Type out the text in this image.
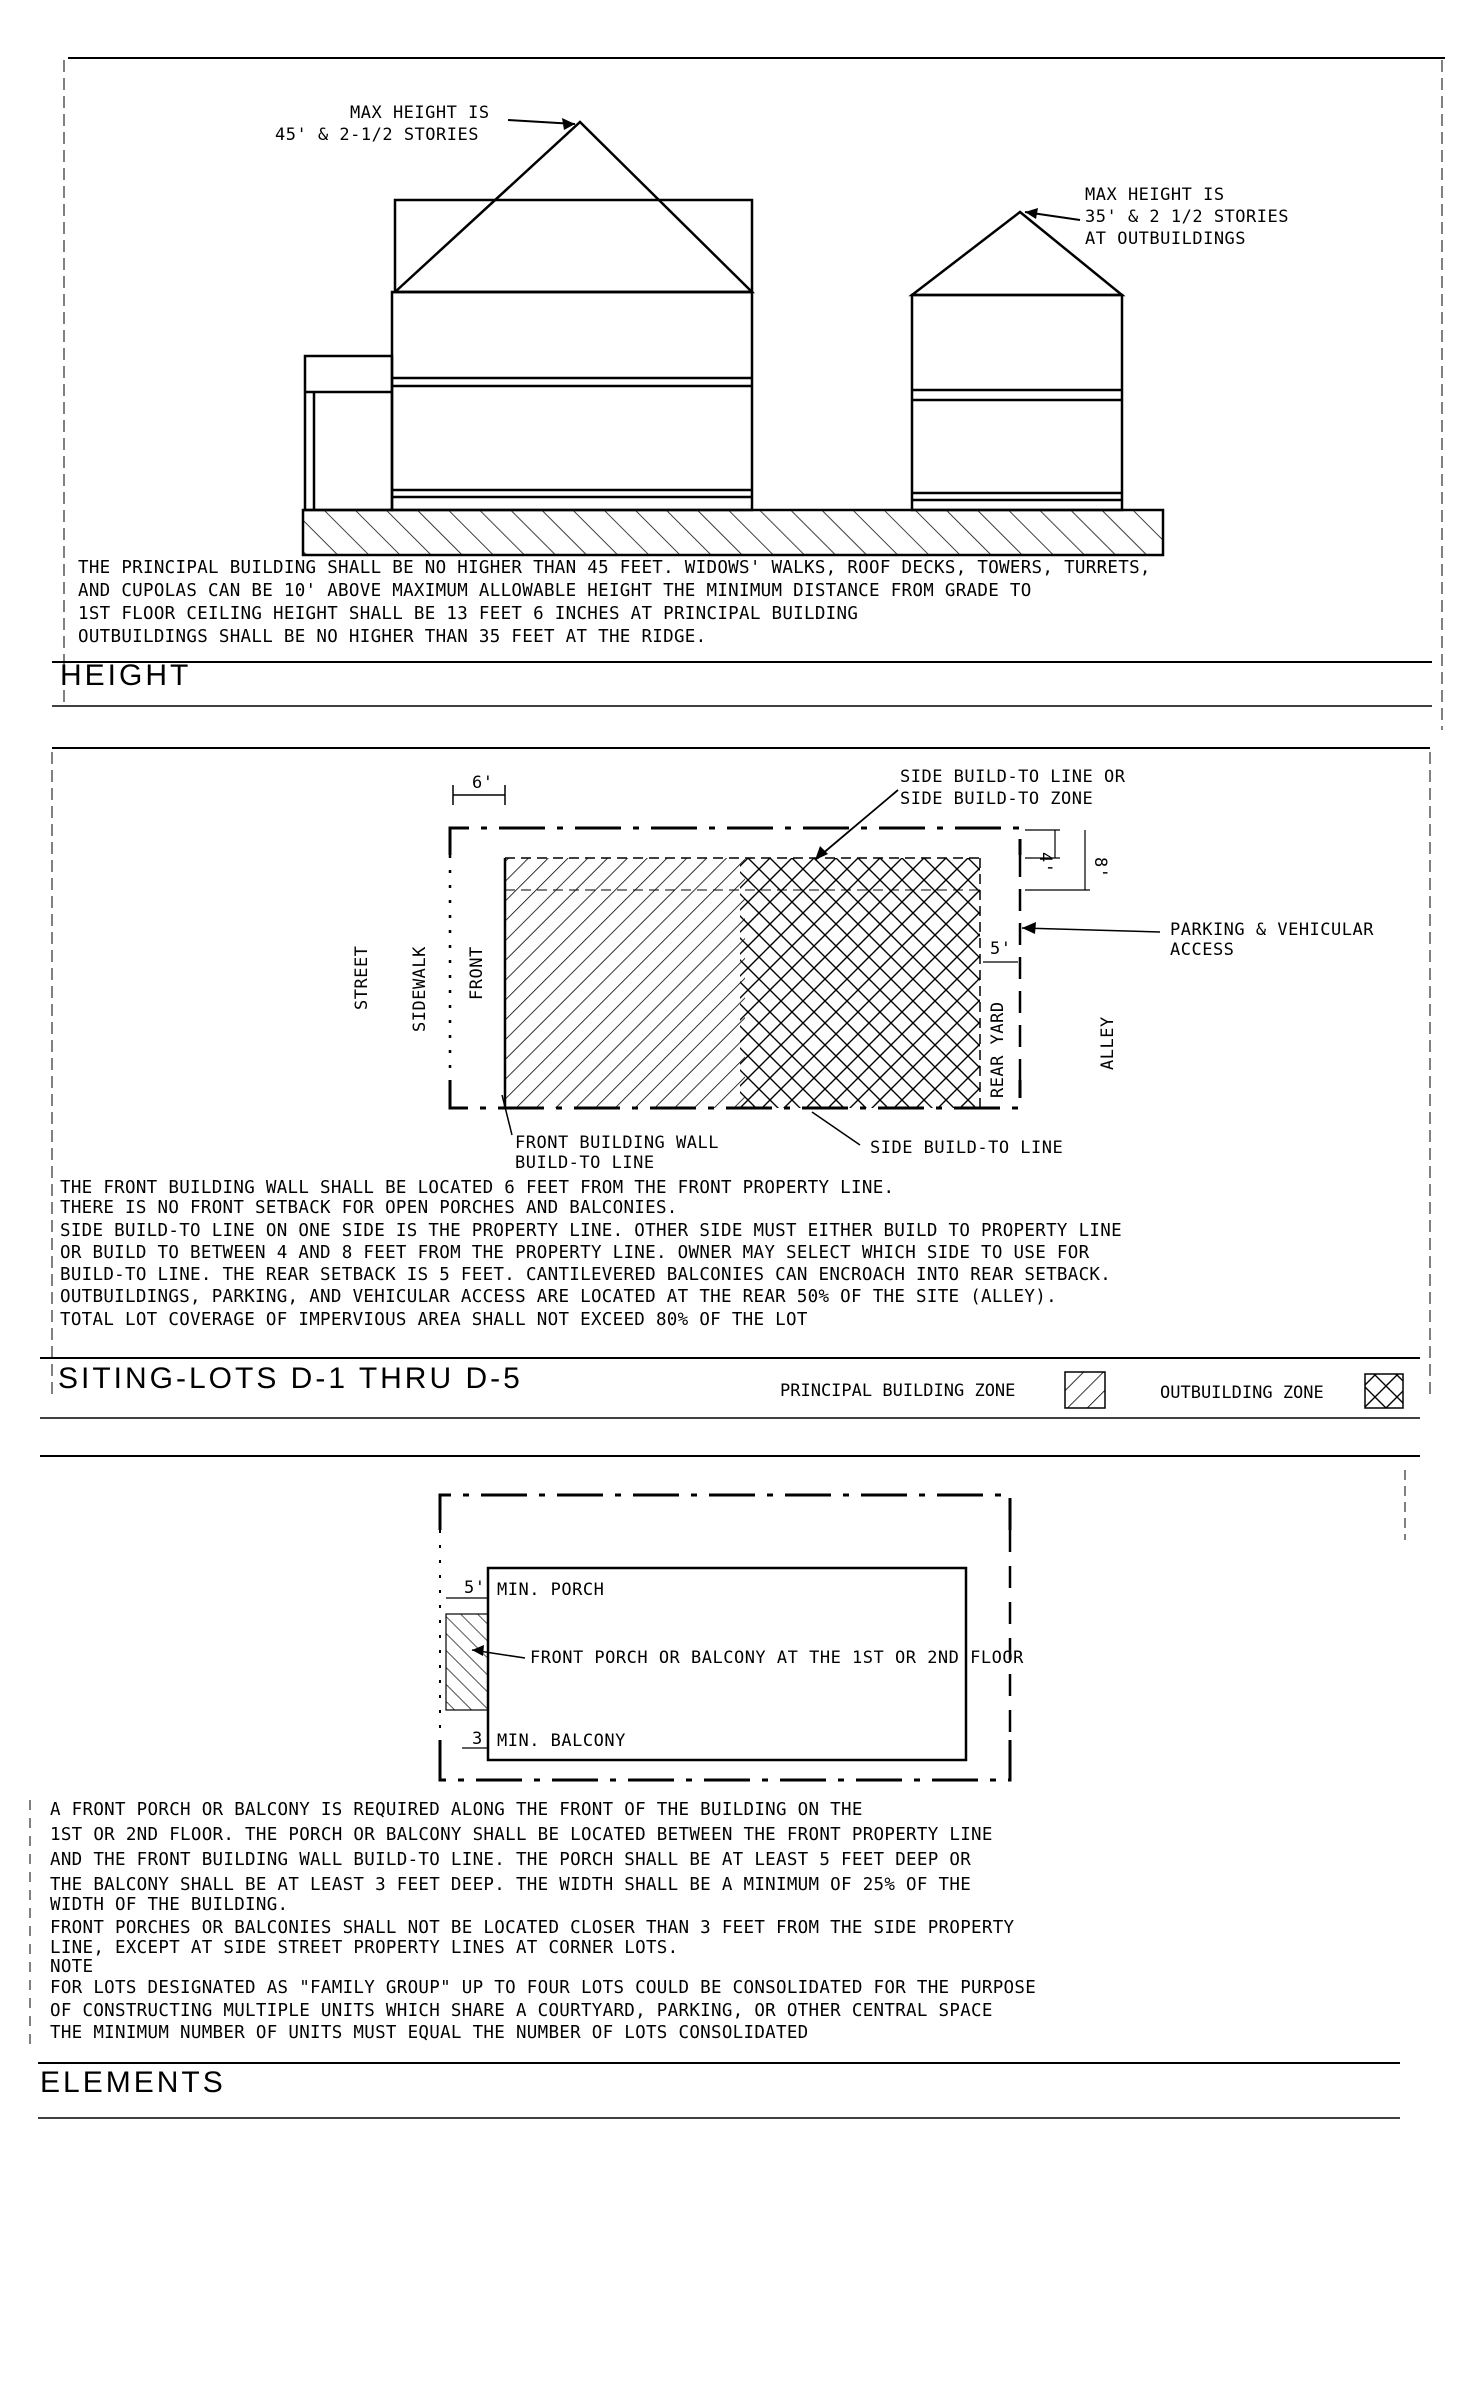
MAX HEIGHT IS 45' & 2-1/2 STORIES
MAX HEIGHT IS 35' & 2 1/2 STORIES AT OUTBUILDINGS
THE PRINCIPAL BUILDING SHALL BE NO HIGHER THAN 45 FEET. WIDOWS' WALKS, ROOF DECKS, TOWERS, TURRETS, AND CUPOLAS CAN BE 10' ABOVE MAXIMUM ALLOWABLE HEIGHT THE MINIMUM DISTANCE FROM GRADE TO 1ST FLOOR CEILING HEIGHT SHALL BE 13 FEET 6 INCHES AT PRINCIPAL BUILDING OUTBUILDINGS SHALL BE NO HIGHER THAN 35 FEET AT THE RIDGE.
HEIGHT
6'
4' 8'
5'
STREET SIDEWALK FRONT
REAR YARD	ALLEY
SIDE BUILD-TO LINE OR SIDE BUILD-TO ZONE
PARKING & VEHICULAR ACCESS
FRONT BUILDING WALL BUILD-TO LINE
SIDE BUILD-TO LINE
THE FRONT BUILDING WALL SHALL BE LOCATED 6 FEET FROM THE FRONT PROPERTY LINE. THERE IS NO FRONT SETBACK FOR OPEN PORCHES AND BALCONIES. SIDE BUILD-TO LINE ON ONE SIDE IS THE PROPERTY LINE. OTHER SIDE MUST EITHER BUILD TO PROPERTY LINE OR BUILD TO BETWEEN 4 AND 8 FEET FROM THE PROPERTY LINE. OWNER MAY SELECT WHICH SIDE TO USE FOR BUILD-TO LINE. THE REAR SETBACK IS 5 FEET. CANTILEVERED BALCONIES CAN ENCROACH INTO REAR SETBACK. OUTBUILDINGS, PARKING, AND VEHICULAR ACCESS ARE LOCATED AT THE REAR 50% OF THE SITE (ALLEY). TOTAL LOT COVERAGE OF IMPERVIOUS AREA SHALL NOT EXCEED 80% OF THE LOT
SITING-LOTS D-1 THRU D-5	PRINCIPAL BUILDING ZONE	OUTBUILDING ZONE
5' MIN. PORCH
3' MIN. BALCONY
FRONT PORCH OR BALCONY AT THE 1ST OR 2ND FLOOR
A FRONT PORCH OR BALCONY IS REQUIRED ALONG THE FRONT OF THE BUILDING ON THE 1ST OR 2ND FLOOR. THE PORCH OR BALCONY SHALL BE LOCATED BETWEEN THE FRONT PROPERTY LINE AND THE FRONT BUILDING WALL BUILD-TO LINE. THE PORCH SHALL BE AT LEAST 5 FEET DEEP OR THE BALCONY SHALL BE AT LEAST 3 FEET DEEP. THE WIDTH SHALL BE A MINIMUM OF 25% OF THE WIDTH OF THE BUILDING. FRONT PORCHES OR BALCONIES SHALL NOT BE LOCATED CLOSER THAN 3 FEET FROM THE SIDE PROPERTY LINE, EXCEPT AT SIDE STREET PROPERTY LINES AT CORNER LOTS. NOTE FOR LOTS DESIGNATED AS "FAMILY GROUP" UP TO FOUR LOTS COULD BE CONSOLIDATED FOR THE PURPOSE OF CONSTRUCTING MULTIPLE UNITS WHICH SHARE A COURTYARD, PARKING, OR OTHER CENTRAL SPACE THE MINIMUM NUMBER OF UNITS MUST EQUAL THE NUMBER OF LOTS CONSOLIDATED
ELEMENTS
